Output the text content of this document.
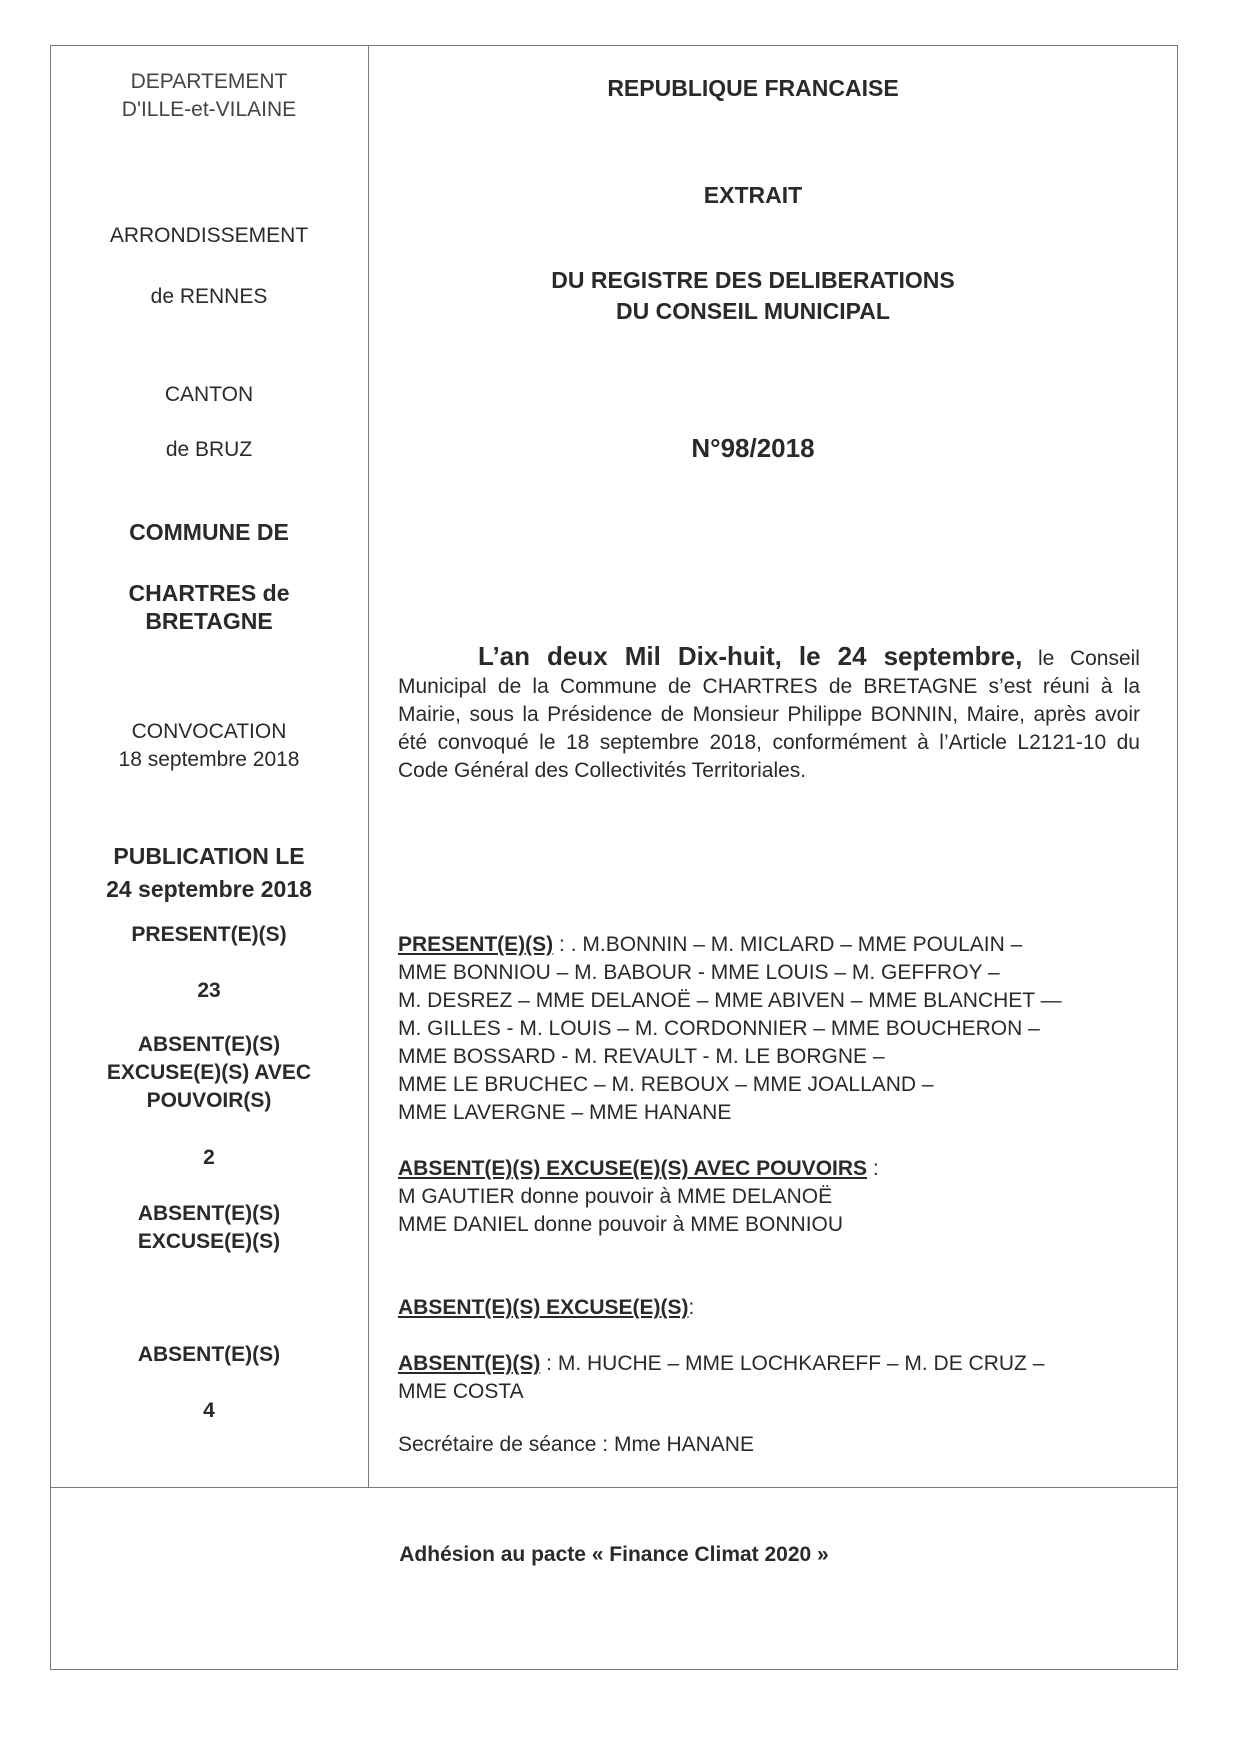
DEPARTEMENT
D'ILLE-et-VILAINE
ARRONDISSEMENT
de RENNES
CANTON
de BRUZ
COMMUNE DE
CHARTRES de
BRETAGNE
CONVOCATION
18 septembre 2018
PUBLICATION LE
24 septembre 2018
PRESENT(E)(S)
23
ABSENT(E)(S)
EXCUSE(E)(S) AVEC
POUVOIR(S)
2
ABSENT(E)(S)
EXCUSE(E)(S)
ABSENT(E)(S)
4
REPUBLIQUE FRANCAISE
EXTRAIT
DU REGISTRE DES DELIBERATIONS
DU CONSEIL MUNICIPAL
N°98/2018
L’an deux Mil Dix-huit, le 24 septembre, le Conseil Municipal de la Commune de CHARTRES de BRETAGNE s’est réuni à la Mairie, sous la Présidence de Monsieur Philippe BONNIN, Maire, après avoir été convoqué le 18 septembre 2018, conformément à l’Article L2121-10 du Code Général des Collectivités Territoriales.
PRESENT(E)(S) : . M.BONNIN – M. MICLARD – MME POULAIN –
MME BONNIOU – M. BABOUR - MME LOUIS – M. GEFFROY –
M. DESREZ – MME DELANOË – MME ABIVEN – MME BLANCHET —
M. GILLES - M. LOUIS – M. CORDONNIER – MME BOUCHERON –
MME BOSSARD - M. REVAULT - M. LE BORGNE –
MME LE BRUCHEC – M. REBOUX – MME JOALLAND –
MME LAVERGNE – MME HANANE
ABSENT(E)(S) EXCUSE(E)(S) AVEC POUVOIRS :
M GAUTIER donne pouvoir à MME DELANOË
MME DANIEL donne pouvoir à MME BONNIOU
ABSENT(E)(S) EXCUSE(E)(S):
ABSENT(E)(S) : M. HUCHE – MME LOCHKAREFF – M. DE CRUZ –
MME COSTA
Secrétaire de séance : Mme HANANE
Adhésion au pacte « Finance Climat 2020 »
